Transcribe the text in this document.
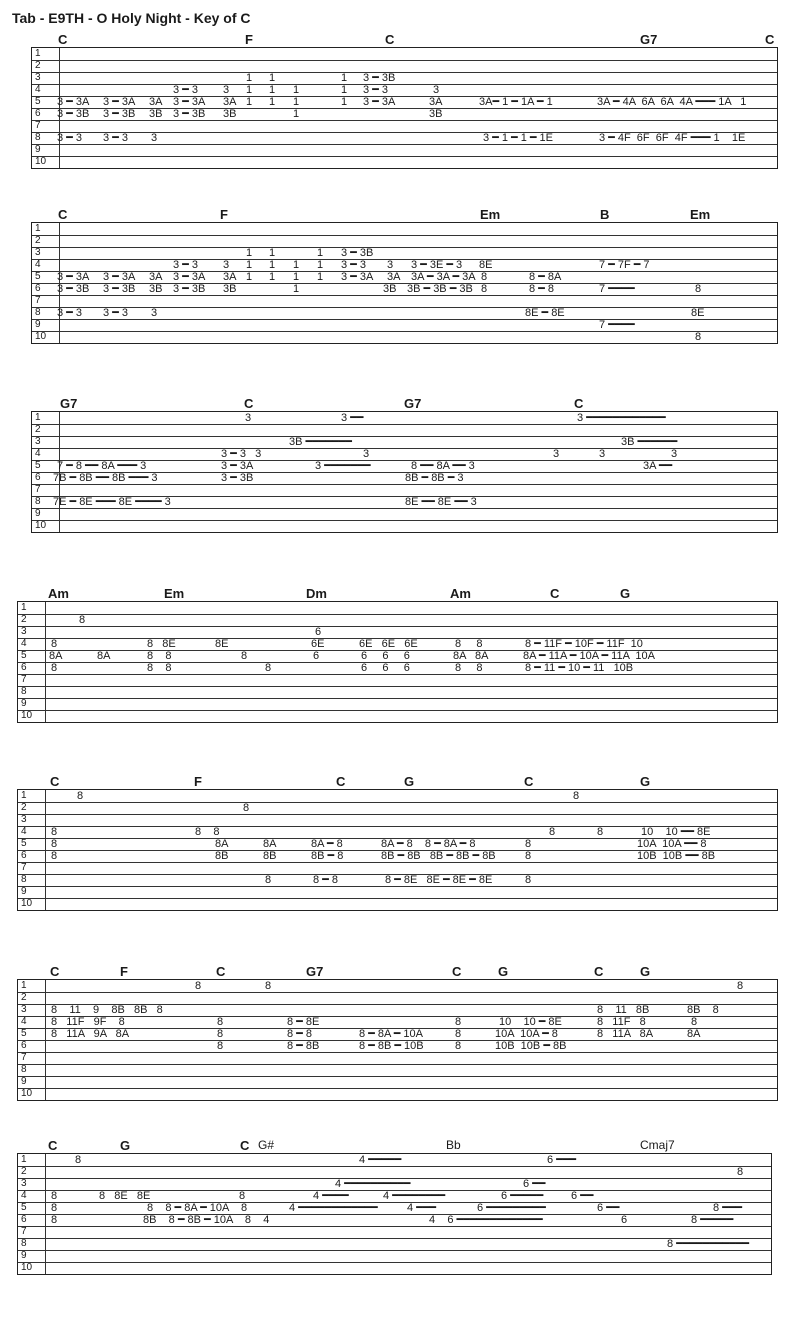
Tab - E9TH - O Holy Night - Key of C
C	F	C	G7	C
1
2
3	1 1	1 3 ━ 3B
4	3 ━ 3 3 1 1 1	1 3 ━ 3	3
5	3 ━ 3A 3 ━ 3A 3A 3 ━ 3A 3A 1 1 1	1 3 ━ 3A	3A	3A━ 1 ━ 1A ━ 1	3A ━ 4A  6A  6A  4A ━━━ 1A   1
6	3 ━ 3B 3 ━ 3B 3B 3 ━ 3B 3B	1	3B
7
8	3 ━ 3 3 ━ 3 3	3 ━ 1 ━ 1 ━ 1E	3 ━ 4F  6F  6F  4F ━━━ 1    1E
9
10
C	F	Em	B	Em
1
2
3	1 1	1 3 ━ 3B
4	3 ━ 3 3 1 1 1 1 3 ━ 3 3 3 ━ 3E ━ 3 8E	7 ━ 7F ━ 7
5	3 ━ 3A 3 ━ 3A 3A 3 ━ 3A 3A 1 1 1 1 3 ━ 3A 3A 3A ━ 3A ━ 3A 8	8 ━ 8A
6	3 ━ 3B 3 ━ 3B 3B 3 ━ 3B 3B	1	3B 3B ━ 3B ━ 3B 8	8 ━ 8	7 ━━━━	8
7
8	3 ━ 3 3 ━ 3 3	8E ━ 8E	8E
9	7 ━━━━
10	8
G7	C	G7	C
1	3	3 ━━	3 ━━━━━━━━━━━━
2
3	3B ━━━━━━━	3B ━━━━━━
4	3 ━ 3   3	3	3	3	3
5	7 ━ 8 ━━ 8A ━━━ 3	3 ━ 3A	3 ━━━━━━━	8 ━━ 8A ━━ 3	3A ━━
6	7B ━ 8B ━━ 8B ━━━ 3	3 ━ 3B	8B ━ 8B ━ 3
7
8	7E ━ 8E ━━━ 8E ━━━━ 3	8E ━━ 8E ━━ 3
9
10
Am	Em	Dm	Am	C	G
1
2	8
3	6
4	8	8   8E	8E	6E	6E   6E   6E	8     8	8 ━ 11F ━ 10F ━ 11F  10
5	8A	8A	8    8	8	6	6     6     6	8A   8A	8A ━ 11A ━ 10A ━ 11A  10A
6	8	8    8	8	6     6     6	8     8	8 ━ 11 ━ 10 ━ 11   10B
7
8
9
10
C	F	C	G	C	G
1	8	8
2	8
3
4	8	8    8	8	8	10    10 ━━ 8E
5	8	8A	8A	8A ━ 8	8A ━ 8    8 ━ 8A ━ 8	8	10A  10A ━━ 8
6	8	8B	8B	8B ━ 8	8B ━ 8B   8B ━ 8B ━ 8B	8	10B  10B ━━ 8B
7
8	8	8 ━ 8	8 ━ 8E   8E ━ 8E ━ 8E	8
9
10
C	F	C	G7	C	G	C	G
1	8	8	8
2
3	8    11    9    8B   8B   8	8    11   8B	8B    8
4	8   11F   9F    8	8	8 ━ 8E	8	10    10 ━ 8E	8   11F   8	8
5	8   11A   9A   8A	8	8 ━ 8	8 ━ 8A ━ 10A	8	10A  10A ━ 8	8   11A   8A	8A
6	8	8 ━ 8B	8 ━ 8B ━ 10B	8	10B  10B ━ 8B
7
8
9
10
C	G	C G#	Bb	Cmaj7
1	8	4 ━━━━━	6 ━━━
2	8
3	4 ━━━━━━━━━━	6 ━━
4	8	8   8E   8E	8	4 ━━━━	4 ━━━━━━━━	6 ━━━━━	6 ━━
5	8	8    8 ━ 8A ━ 10A    8	4 ━━━━━━━━━━━━	4 ━━━	6 ━━━━━━━━━	6 ━━	8 ━━━
6	8	8B    8 ━ 8B ━ 10A    8    4	4    6 ━━━━━━━━━━━━━	6	8 ━━━━━
7
8	8 ━━━━━━━━━━━
9
10
